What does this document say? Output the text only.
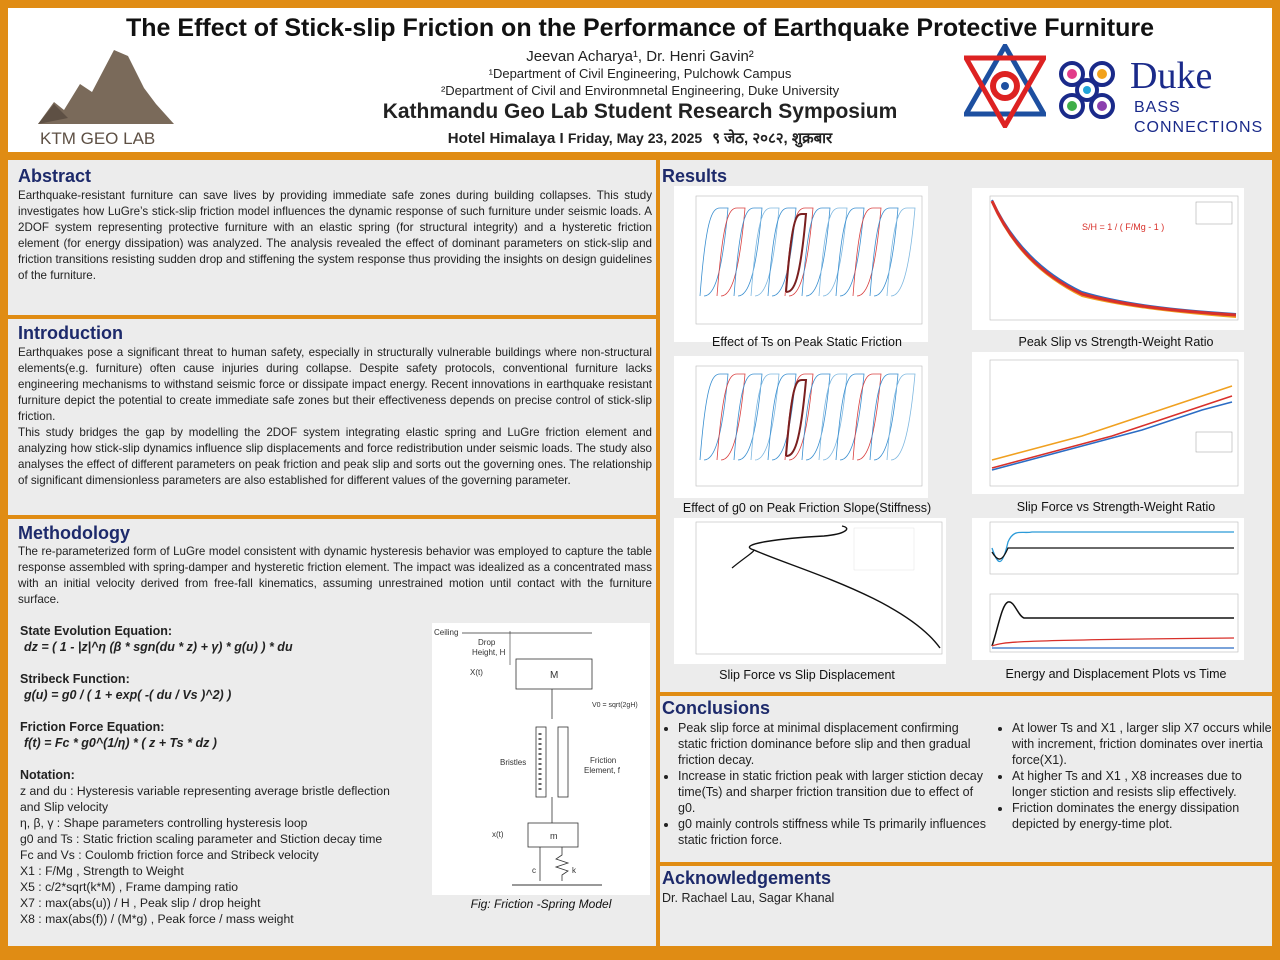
KTM GEO LAB
The Effect of Stick-slip Friction on the Performance of Earthquake Protective Furniture
Jeevan Acharya¹, Dr. Henri Gavin²
¹Department of Civil Engineering, Pulchowk Campus
²Department of Civil and Environmnetal Engineering, Duke University
Kathmandu Geo Lab Student Research Symposium
Hotel Himalaya I Friday, May 23, 2025 ९ जेठ, २०८२, शुक्रबार
Duke
BASS
CONNECTIONS
Abstract
Earthquake-resistant furniture can save lives by providing immediate safe zones during building collapses. This study investigates how LuGre’s stick-slip friction model influences the dynamic response of such furniture under seismic loads. A 2DOF system representing protective furniture with an elastic spring (for structural integrity) and a hysteretic friction element (for energy dissipation) was analyzed. The analysis revealed the effect of dominant parameters on stick-slip and friction transitions resisting sudden drop and stiffening the system response thus providing the insights on design guidelines of the furniture.
Introduction
Earthquakes pose a significant threat to human safety, especially in structurally vulnerable buildings where non-structural elements(e.g. furniture) often cause injuries during collapse. Despite safety protocols, conventional furniture lacks engineering mechanisms to withstand seismic force or dissipate impact energy. Recent innovations in earthquake resistant furniture depict the potential to create immediate safe zones but their effectiveness depends on precise control of stick-slip friction.
This study bridges the gap by modelling the 2DOF system integrating elastic spring and LuGre friction element and analyzing how stick-slip dynamics influence slip displacements and force redistribution under seismic loads. The study also analyses the effect of different parameters on peak friction and peak slip and sorts out the governing ones. The relationship of significant dimensionless parameters are also established for different values of the governing parameter.
Methodology
The re-parameterized form of LuGre model consistent with dynamic hysteresis behavior was employed to capture the table response assembled with spring-damper and hysteretic friction element. The impact was idealized as a concentrated mass with an initial velocity derived from free-fall kinematics, assuming unrestrained motion until contact with the furniture surface.
State Evolution Equation:
dz = ( 1 - |z|^η (β * sgn(du * z) + γ) * g(u) ) * du
Stribeck Function:
g(u) = g0 / ( 1 + exp( -( du / Vs )^2) )
Friction Force Equation:
f(t) = Fc * g0^(1/η) * ( z + Ts * dz )
Notation:
z and du : Hysteresis variable representing average bristle deflection
and Slip velocity
η, β, γ : Shape parameters controlling hysteresis loop
g0 and Ts : Static friction scaling parameter and Stiction decay time
Fc and Vs : Coulomb friction force and Stribeck velocity
X1 : F/Mg , Strength to Weight
X5 : c/2*sqrt(k*M) , Frame damping ratio
X7 : max(abs(u)) / H , Peak slip / drop height
X8 : max(abs(f)) / (M*g) , Peak force / mass weight
Ceiling
Drop
Height, H
X(t)	M
V0 = sqrt(2gH)
Bristles	Friction
Element, f
x(t)	m
c	k
Fig: Friction -Spring Model
Results
Effect of Ts on Peak Static Friction
S/H = 1 / ( F/Mg - 1 )
Peak Slip vs Strength-Weight Ratio
Effect of g0 on Peak Friction Slope(Stiffness)	Slip Force vs Strength-Weight Ratio
Slip Force vs Slip Displacement	Energy and Displacement Plots vs Time
Conclusions
• Peak slip force at minimal displacement confirming static friction dominance before slip and then gradual friction decay.
• Increase in static friction peak with larger stiction decay time(Ts) and sharper friction transition due to effect of g0.
• g0 mainly controls stiffness while Ts primarily influences static friction force.
• At lower Ts and X1 , larger slip X7 occurs while with increment, friction dominates over inertia force(X1).
• At higher Ts and X1 , X8 increases due to longer stiction and resists slip effectively.
• Friction dominates the energy dissipation depicted by energy-time plot.
Acknowledgements
Dr. Rachael Lau, Sagar Khanal
